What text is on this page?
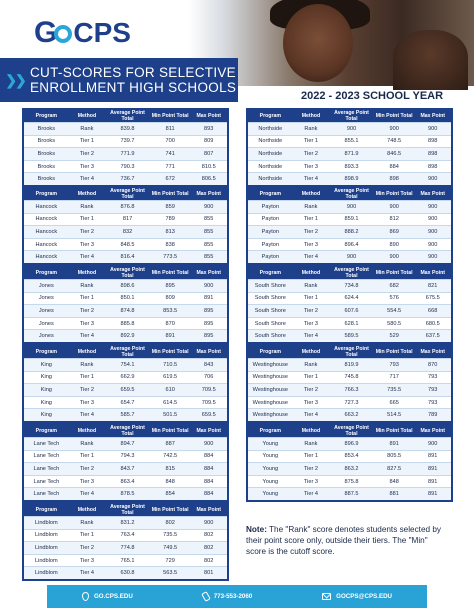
G CPS
❯❯ CUT-SCORES FOR SELECTIVE
ENROLLMENT HIGH SCHOOLS
2022 - 2023 SCHOOL YEAR
Program	Method	Average Point Total	Min Point Total	Max Point
Brooks	Rank	839.8	811	893
Brooks	Tier 1	739.7	700	809
Brooks	Tier 2	771.9	741	807
Brooks	Tier 3	790.3	771	810.5
Brooks	Tier 4	736.7	672	806.5
Program	Method	Average Point Total	Min Point Total	Max Point
Northside	Rank	900	900	900
Northside	Tier 1	855.1	748.5	898
Northside	Tier 2	871.9	846.5	898
Northside	Tier 3	893.3	884	898
Northside	Tier 4	898.9	898	900
Program	Method	Average Point Total	Min Point Total	Max Point
Hancock	Rank	876.8	859	900
Hancock	Tier 1	817	789	855
Hancock	Tier 2	832	813	855
Hancock	Tier 3	848.5	838	855
Hancock	Tier 4	816.4	773.5	855
Program	Method	Average Point Total	Min Point Total	Max Point
Payton	Rank	900	900	900
Payton	Tier 1	859.1	812	900
Payton	Tier 2	888.2	869	900
Payton	Tier 3	896.4	890	900
Payton	Tier 4	900	900	900
Program	Method	Average Point Total	Min Point Total	Max Point
Jones	Rank	898.6	895	900
Jones	Tier 1	850.1	809	891
Jones	Tier 2	874.8	853.5	895
Jones	Tier 3	885.8	870	895
Jones	Tier 4	892.9	891	895
Program	Method	Average Point Total	Min Point Total	Max Point
South Shore	Rank	734.8	682	821
South Shore	Tier 1	624.4	576	675.5
South Shore	Tier 2	607.6	554.5	668
South Shore	Tier 3	628.1	580.5	680.5
South Shore	Tier 4	589.5	529	637.5
Program	Method	Average Point Total	Min Point Total	Max Point
King	Rank	754.1	710.5	843
King	Tier 1	662.9	619.5	706
King	Tier 2	659.5	610	709.5
King	Tier 3	654.7	614.5	709.5
King	Tier 4	585.7	501.5	659.5
Program	Method	Average Point Total	Min Point Total	Max Point
Westinghouse	Rank	819.9	793	870
Westinghouse	Tier 1	745.8	717	793
Westinghouse	Tier 2	766.3	735.5	793
Westinghouse	Tier 3	727.3	665	793
Westinghouse	Tier 4	663.2	514.5	789
Program	Method	Average Point Total	Min Point Total	Max Point
Lane Tech	Rank	894.7	887	900
Lane Tech	Tier 1	794.3	742.5	884
Lane Tech	Tier 2	843.7	815	884
Lane Tech	Tier 3	863.4	848	884
Lane Tech	Tier 4	878.5	854	884
Program	Method	Average Point Total	Min Point Total	Max Point
Young	Rank	896.9	891	900
Young	Tier 1	853.4	805.5	891
Young	Tier 2	863.2	827.5	891
Young	Tier 3	875.8	848	891
Young	Tier 4	887.5	881	891
Program	Method	Average Point Total	Min Point Total	Max Point
Lindblom	Rank	831.2	802	900
Lindblom	Tier 1	763.4	735.5	802
Lindblom	Tier 2	774.8	749.5	802
Lindblom	Tier 3	765.1	729	802
Lindblom	Tier 4	630.8	563.5	801
Note: The "Rank" score denotes students selected by their point score only, outside their tiers. The "Min" score is the cutoff score.
GO.CPS.EDU	773-553-2060	GOCPS@CPS.EDU
